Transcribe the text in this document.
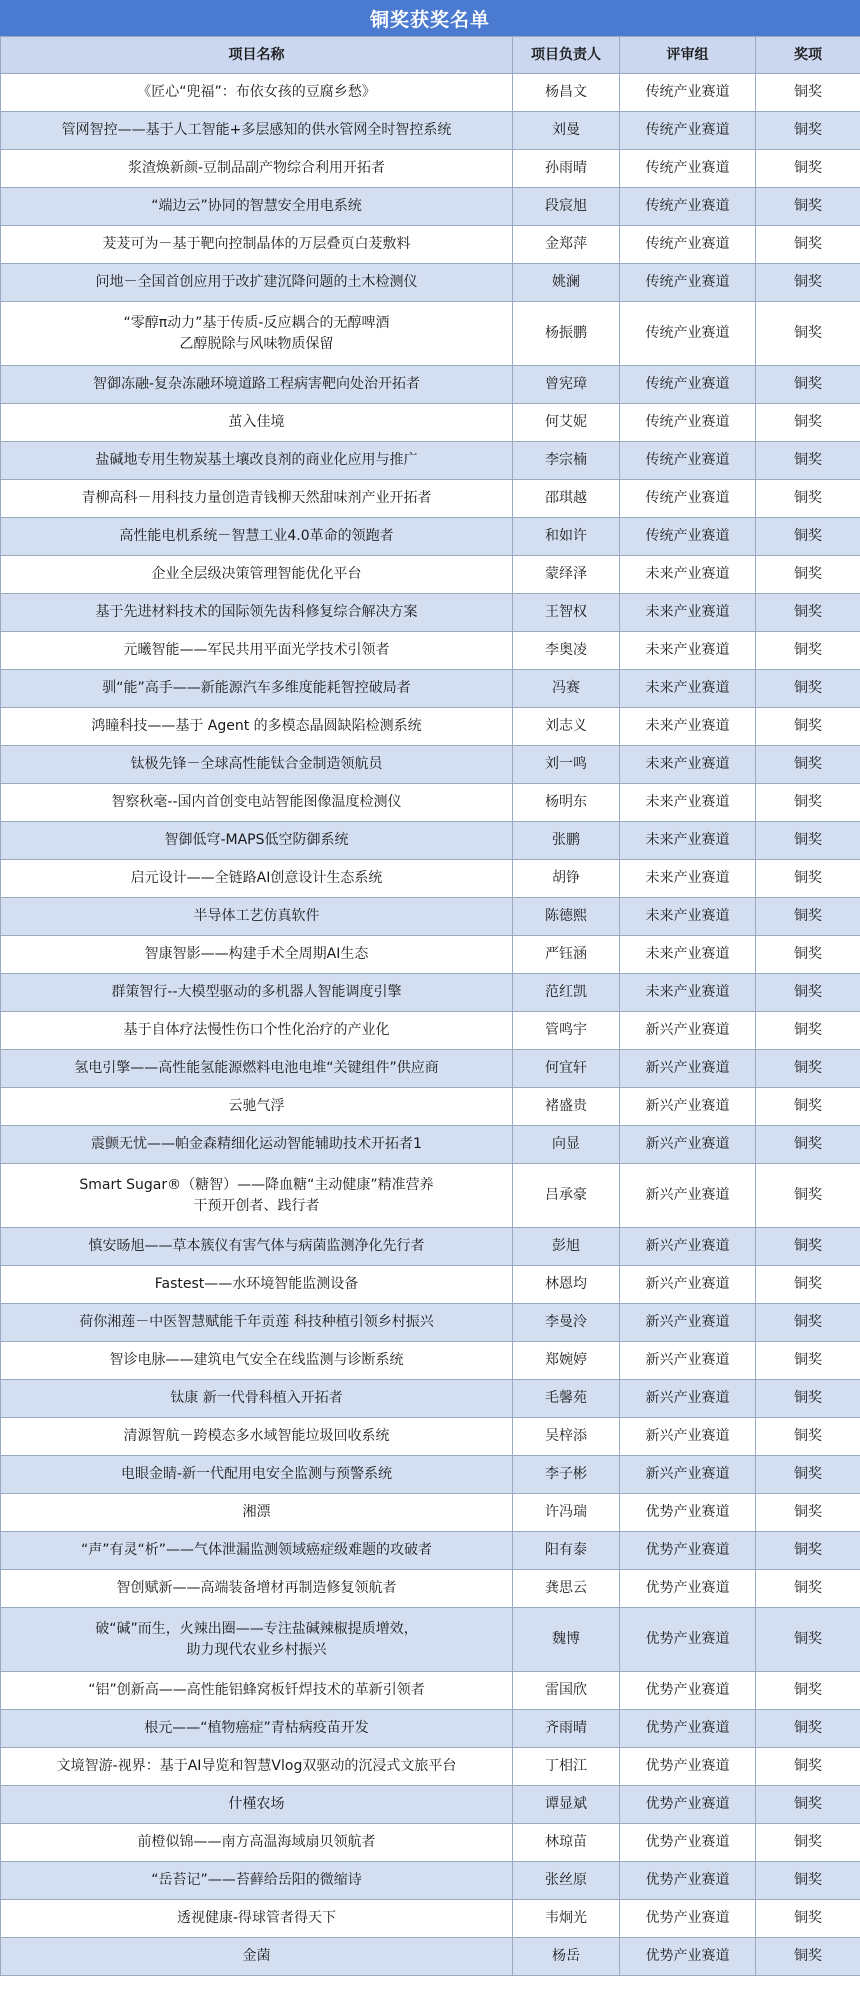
铜奖获奖名单
项目名称	项目负责人	评审组	奖项
《匠心“兜福”：布依女孩的豆腐乡愁》	杨昌文	传统产业赛道	铜奖
管网智控——基于人工智能+多层感知的供水管网全时智控系统	刘曼	传统产业赛道	铜奖
浆渣焕新颜-豆制品副产物综合利用开拓者	孙雨晴	传统产业赛道	铜奖
“端边云”协同的智慧安全用电系统	段宸旭	传统产业赛道	铜奖
茇茇可为－基于靶向控制晶体的万层叠页白茇敷料	金郑萍	传统产业赛道	铜奖
问地－全国首创应用于改扩建沉降问题的土木检测仪	姚澜	传统产业赛道	铜奖
“零醇π动力”基于传质-反应耦合的无醇啤酒
乙醇脱除与风味物质保留	杨振鹏	传统产业赛道	铜奖
智御冻融-复杂冻融环境道路工程病害靶向处治开拓者	曾宪璋	传统产业赛道	铜奖
茧入佳境	何艾妮	传统产业赛道	铜奖
盐碱地专用生物炭基土壤改良剂的商业化应用与推广	李宗楠	传统产业赛道	铜奖
青柳高科－用科技力量创造青钱柳天然甜味剂产业开拓者	邵琪越	传统产业赛道	铜奖
高性能电机系统－智慧工业4.0革命的领跑者	和如许	传统产业赛道	铜奖
企业全层级决策管理智能优化平台	蒙绎泽	未来产业赛道	铜奖
基于先进材料技术的国际领先齿科修复综合解决方案	王智权	未来产业赛道	铜奖
元曦智能——军民共用平面光学技术引领者	李奥凌	未来产业赛道	铜奖
驯“能”高手——新能源汽车多维度能耗智控破局者	冯赛	未来产业赛道	铜奖
鸿瞳科技——基于 Agent 的多模态晶圆缺陷检测系统	刘志义	未来产业赛道	铜奖
钛极先锋－全球高性能钛合金制造领航员	刘一鸣	未来产业赛道	铜奖
智察秋毫--国内首创变电站智能图像温度检测仪	杨明东	未来产业赛道	铜奖
智御低穹-MAPS低空防御系统	张鹏	未来产业赛道	铜奖
启元设计——全链路AI创意设计生态系统	胡铮	未来产业赛道	铜奖
半导体工艺仿真软件	陈德熙	未来产业赛道	铜奖
智康智影——构建手术全周期AI生态	严钰涵	未来产业赛道	铜奖
群策智行--大模型驱动的多机器人智能调度引擎	范红凯	未来产业赛道	铜奖
基于自体疗法慢性伤口个性化治疗的产业化	管鸣宇	新兴产业赛道	铜奖
氢电引擎——高性能氢能源燃料电池电堆“关键组件”供应商	何宜轩	新兴产业赛道	铜奖
云驰气浮	褚盛贵	新兴产业赛道	铜奖
震颤无忧——帕金森精细化运动智能辅助技术开拓者1	向显	新兴产业赛道	铜奖
Smart Sugar®（糖智）——降血糖“主动健康”精准营养
干预开创者、践行者	吕承豪	新兴产业赛道	铜奖
慎安旸旭——草本簇仪有害气体与病菌监测净化先行者	彭旭	新兴产业赛道	铜奖
Fastest——水环境智能监测设备	林恩均	新兴产业赛道	铜奖
荷你湘莲－中医智慧赋能千年贡莲 科技种植引领乡村振兴	李曼泠	新兴产业赛道	铜奖
智诊电脉——建筑电气安全在线监测与诊断系统	郑婉婷	新兴产业赛道	铜奖
钛康 新一代骨科植入开拓者	毛馨苑	新兴产业赛道	铜奖
清源智航－跨模态多水域智能垃圾回收系统	吴梓添	新兴产业赛道	铜奖
电眼金睛-新一代配用电安全监测与预警系统	李子彬	新兴产业赛道	铜奖
湘漂	许冯瑞	优势产业赛道	铜奖
“声”有灵“析”——气体泄漏监测领域癌症级难题的攻破者	阳有泰	优势产业赛道	铜奖
智创赋新——高端装备增材再制造修复领航者	龚思云	优势产业赛道	铜奖
破“碱”而生，火辣出圈——专注盐碱辣椒提质增效，
助力现代农业乡村振兴	魏博	优势产业赛道	铜奖
“铝”创新高——高性能铝蜂窝板钎焊技术的革新引领者	雷国欣	优势产业赛道	铜奖
根元——“植物癌症”青枯病疫苗开发	齐雨晴	优势产业赛道	铜奖
文境智游-视界：基于AI导览和智慧Vlog双驱动的沉浸式文旅平台	丁相江	优势产业赛道	铜奖
什槿农场	谭显斌	优势产业赛道	铜奖
前橙似锦——南方高温海域扇贝领航者	林琼苗	优势产业赛道	铜奖
“岳苔记”——苔藓给岳阳的微缩诗	张丝原	优势产业赛道	铜奖
透视健康-得球管者得天下	韦炯光	优势产业赛道	铜奖
金菌	杨岳	优势产业赛道	铜奖
